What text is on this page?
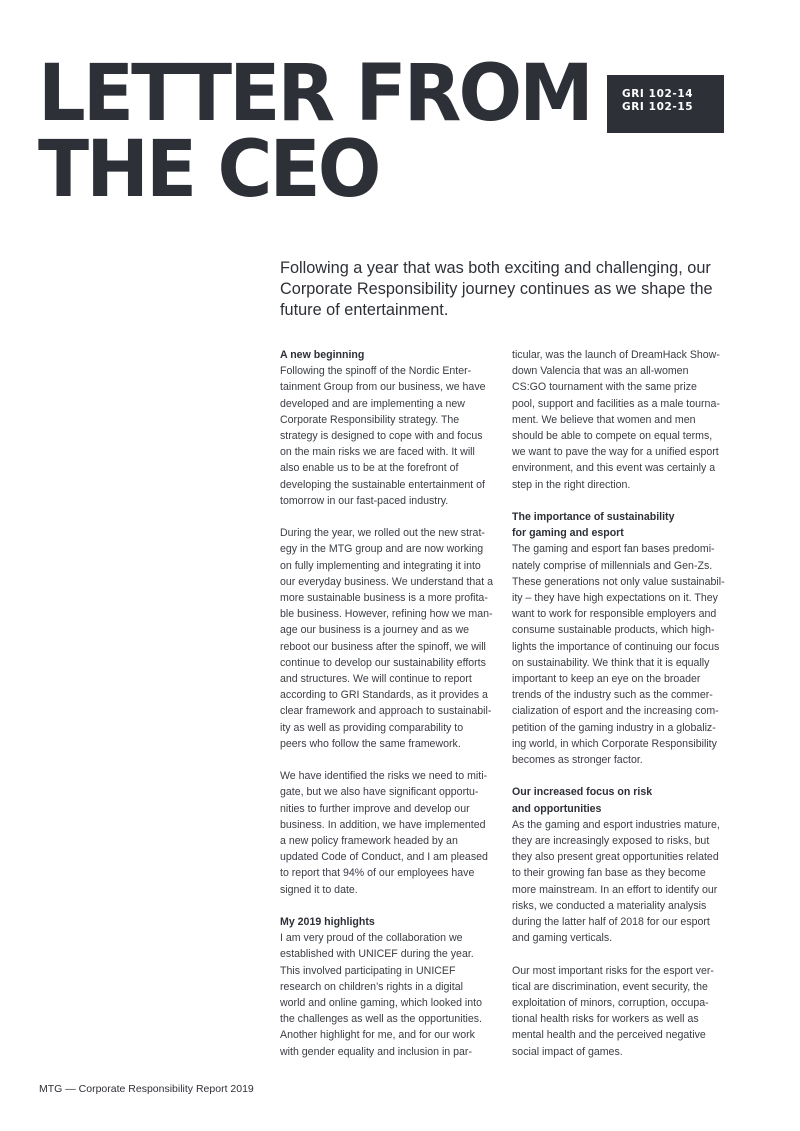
LETTER FROM
THE CEO
GRI 102-14
GRI 102-15

Following a year that was both exciting and challenging, our Corporate Responsibility journey continues as we shape the future of entertainment.

A new beginning
Following the spinoff of the Nordic Enter-
tainment Group from our business, we have
developed and are implementing a new
Corporate Responsibility strategy. The
strategy is designed to cope with and focus
on the main risks we are faced with. It will
also enable us to be at the forefront of
developing the sustainable entertainment of
tomorrow in our fast-paced industry.

During the year, we rolled out the new strat-
egy in the MTG group and are now working
on fully implementing and integrating it into
our everyday business. We understand that a
more sustainable business is a more profita-
ble business. However, refining how we man-
age our business is a journey and as we
reboot our business after the spinoff, we will
continue to develop our sustainability efforts
and structures. We will continue to report
according to GRI Standards, as it provides a
clear framework and approach to sustainabil-
ity as well as providing comparability to
peers who follow the same framework.

We have identified the risks we need to miti-
gate, but we also have significant opportu-
nities to further improve and develop our
business. In addition, we have implemented
a new policy framework headed by an
updated Code of Conduct, and I am pleased
to report that 94% of our employees have
signed it to date.

My 2019 highlights
I am very proud of the collaboration we
established with UNICEF during the year.
This involved participating in UNICEF
research on children’s rights in a digital
world and online gaming, which looked into
the challenges as well as the opportunities.
Another highlight for me, and for our work
with gender equality and inclusion in par-

ticular, was the launch of DreamHack Show-
down Valencia that was an all-women
CS:GO tournament with the same prize
pool, support and facilities as a male tourna-
ment. We believe that women and men
should be able to compete on equal terms,
we want to pave the way for a unified esport
environment, and this event was certainly a
step in the right direction.

The importance of sustainability
for gaming and esport
The gaming and esport fan bases predomi-
nately comprise of millennials and Gen-Zs.
These generations not only value sustainabil-
ity – they have high expectations on it. They
want to work for responsible employers and
consume sustainable products, which high-
lights the importance of continuing our focus
on sustainability. We think that it is equally
important to keep an eye on the broader
trends of the industry such as the commer-
cialization of esport and the increasing com-
petition of the gaming industry in a globaliz-
ing world, in which Corporate Responsibility
becomes as stronger factor.

Our increased focus on risk
and opportunities
As the gaming and esport industries mature,
they are increasingly exposed to risks, but
they also present great opportunities related
to their growing fan base as they become
more mainstream. In an effort to identify our
risks, we conducted a materiality analysis
during the latter half of 2018 for our esport
and gaming verticals.

Our most important risks for the esport ver-
tical are discrimination, event security, the
exploitation of minors, corruption, occupa-
tional health risks for workers as well as
mental health and the perceived negative
social impact of games.

MTG — Corporate Responsibility Report 2019
